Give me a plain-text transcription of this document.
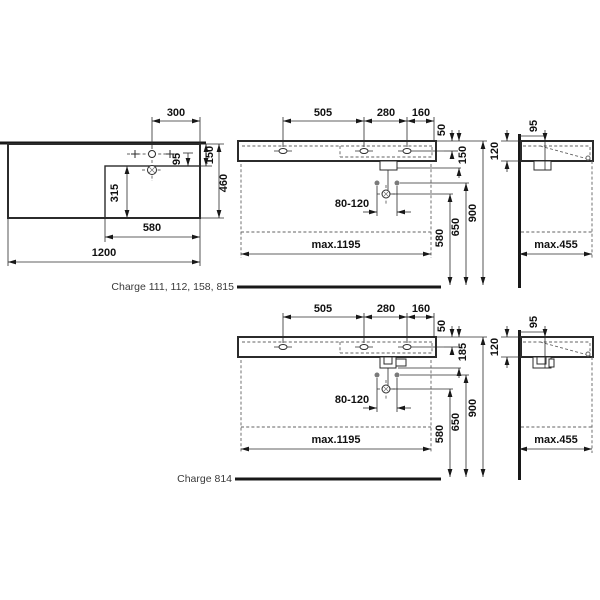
300
150
95
460
315
580
1200
505	280 160
50
150
80-120
580
650
900
max.1195
95
120
max.455
Charge 111, 112, 158, 815
505	280 160
50
185
80-120
580
650
900
max.1195
95
120
max.455
Charge 814
